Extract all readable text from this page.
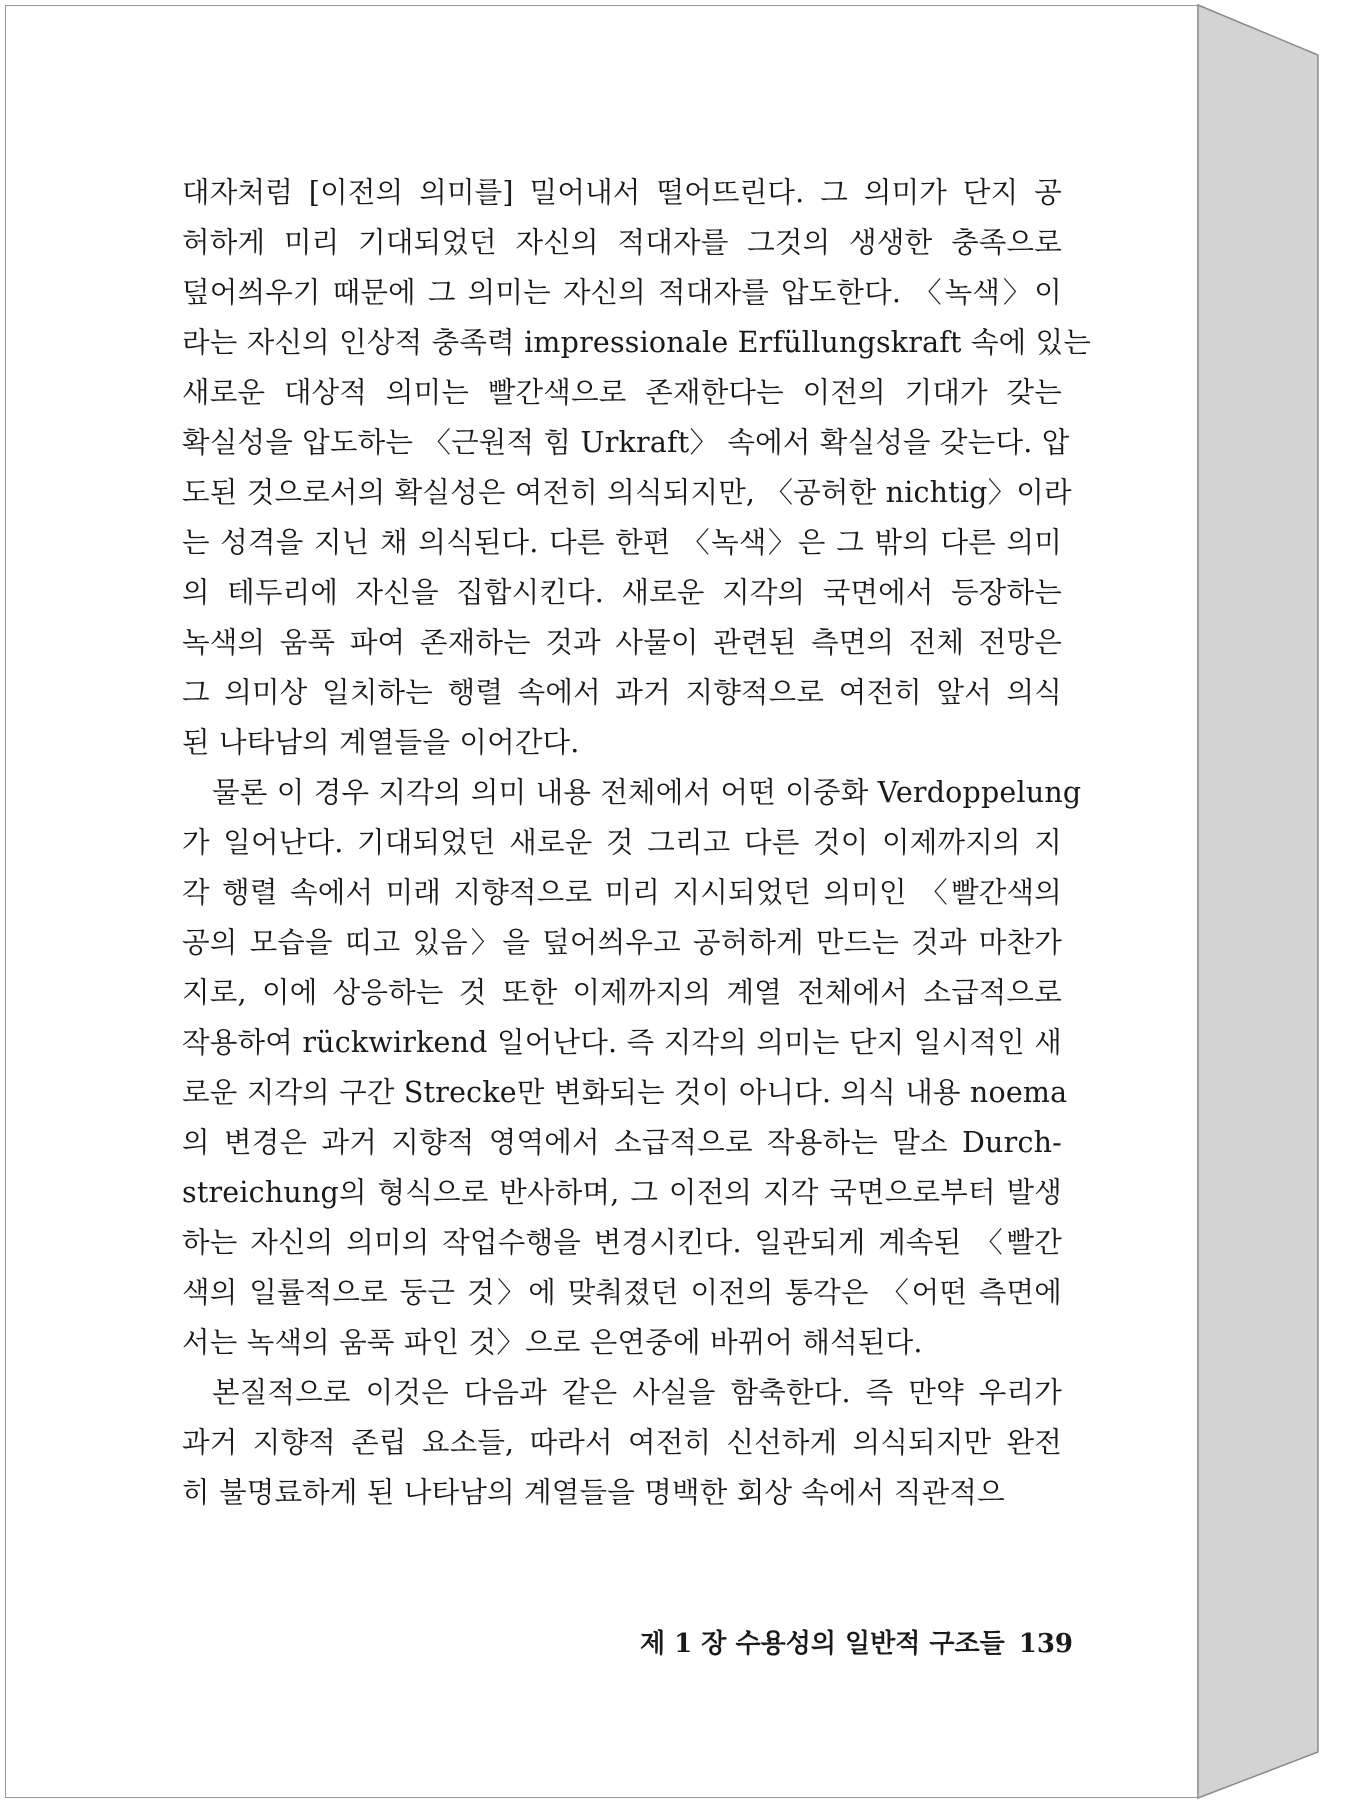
대자처럼 [이전의 의미를] 밀어내서 떨어뜨린다. 그 의미가 단지 공
허하게 미리 기대되었던 자신의 적대자를 그것의 생생한 충족으로
덮어씌우기 때문에 그 의미는 자신의 적대자를 압도한다. 〈녹색〉이
라는 자신의 인상적 충족력 impressionale Erfüllungskraft 속에 있는
새로운 대상적 의미는 빨간색으로 존재한다는 이전의 기대가 갖는
확실성을 압도하는 〈근원적 힘 Urkraft〉 속에서 확실성을 갖는다. 압
도된 것으로서의 확실성은 여전히 의식되지만, 〈공허한 nichtig〉이라
는 성격을 지닌 채 의식된다. 다른 한편 〈녹색〉은 그 밖의 다른 의미
의 테두리에 자신을 집합시킨다. 새로운 지각의 국면에서 등장하는
녹색의 움푹 파여 존재하는 것과 사물이 관련된 측면의 전체 전망은
그 의미상 일치하는 행렬 속에서 과거 지향적으로 여전히 앞서 의식
된 나타남의 계열들을 이어간다.
물론 이 경우 지각의 의미 내용 전체에서 어떤 이중화 Verdoppelung
가 일어난다. 기대되었던 새로운 것 그리고 다른 것이 이제까지의 지
각 행렬 속에서 미래 지향적으로 미리 지시되었던 의미인 〈빨간색의
공의 모습을 띠고 있음〉을 덮어씌우고 공허하게 만드는 것과 마찬가
지로, 이에 상응하는 것 또한 이제까지의 계열 전체에서 소급적으로
작용하여 rückwirkend 일어난다. 즉 지각의 의미는 단지 일시적인 새
로운 지각의 구간 Strecke만 변화되는 것이 아니다. 의식 내용 noema
의 변경은 과거 지향적 영역에서 소급적으로 작용하는 말소 Durch-
streichung의 형식으로 반사하며, 그 이전의 지각 국면으로부터 발생
하는 자신의 의미의 작업수행을 변경시킨다. 일관되게 계속된 〈빨간
색의 일률적으로 둥근 것〉에 맞춰졌던 이전의 통각은 〈어떤 측면에
서는 녹색의 움푹 파인 것〉으로 은연중에 바뀌어 해석된다.
본질적으로 이것은 다음과 같은 사실을 함축한다. 즉 만약 우리가
과거 지향적 존립 요소들, 따라서 여전히 신선하게 의식되지만 완전
히 불명료하게 된 나타남의 계열들을 명백한 회상 속에서 직관적으
제 1 장 수용성의 일반적 구조들 139
